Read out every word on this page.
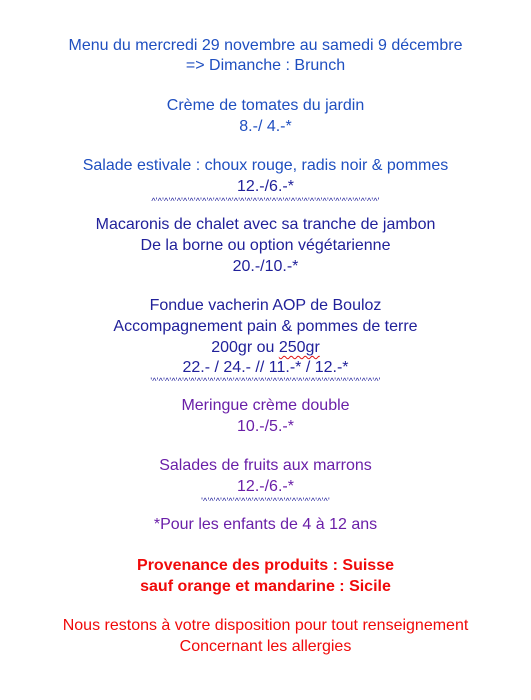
Menu du mercredi 29 novembre au samedi 9 décembre
=> Dimanche : Brunch
Crème de tomates du jardin
8.-/ 4.-*
Salade estivale : choux rouge, radis noir & pommes
12.-/6.-*
^'^'^'^'^'^'^'^'^'^'^'^'^'^'^'^'^'^'^'^'^'^'^'^'^'^'^'^'^'^'^'^'^'^'^'^'
Macaronis de chalet avec sa tranche de jambon
De la borne ou option végétarienne
20.-/10.-*
Fondue vacherin AOP de Bouloz
Accompagnement pain & pommes de terre
200gr ou 250gr
22.- / 24.- // 11.-* / 12.-*
'^'^'^'^'^'^'^'^'^'^'^'^'^'^'^'^'^'^'^'^'^'^'^'^'^'^'^'^'^'^'^'^'^'^'^'^'
Meringue crème double
10.-/5.-*
Salades de fruits aux marrons
12.-/6.-*
'^'^'^'^'^'^'^'^'^'^'^'^'^'^'^'^'^'^'^'^'
*Pour les enfants de 4 à 12 ans
Provenance des produits : Suisse
sauf orange et mandarine : Sicile
Nous restons à votre disposition pour tout renseignement
Concernant les allergies
